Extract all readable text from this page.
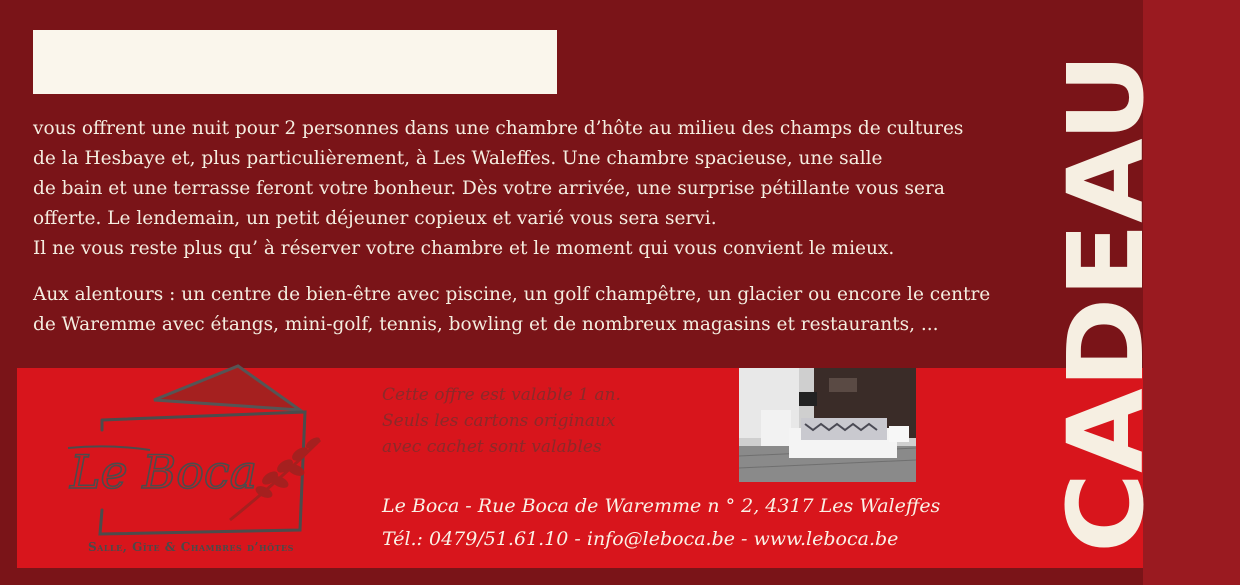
vous offrent une nuit pour 2 personnes dans une chambre d’hôte au milieu des champs de cultures
de la Hesbaye et, plus particulièrement, à Les Waleffes. Une chambre spacieuse, une salle
de bain et une terrasse feront votre bonheur. Dès votre arrivée, une surprise pétillante vous sera
offerte. Le lendemain, un petit déjeuner copieux et varié vous sera servi.
Il ne vous reste plus qu’ à réserver votre chambre et le moment qui vous convient le mieux.

Aux alentours : un centre de bien-être avec piscine, un golf champêtre, un glacier ou encore le centre
de Waremme avec étangs, mini-golf, tennis, bowling et de nombreux magasins et restaurants, ...

Le Boca
Salle, Gîte & Chambres d’hôtes
Cette offre est valable 1 an.
Seuls les cartons originaux
avec cachet sont valables
Le Boca - Rue Boca de Waremme n ° 2, 4317 Les Waleffes
Tél.: 0479/51.61.10 - info@leboca.be - www.leboca.be	CADEAU
